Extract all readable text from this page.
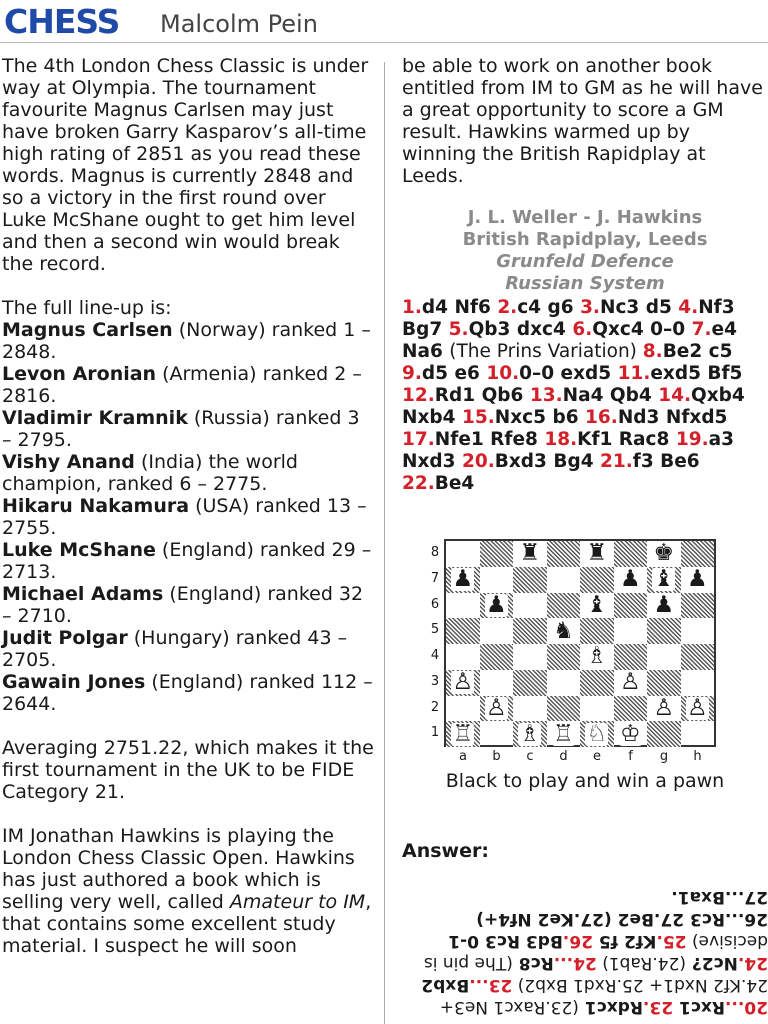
CHESS Malcolm Pein

The 4th London Chess Classic is under way at Olympia. The tournament favourite Magnus Carlsen may just have broken Garry Kasparov’s all-time high rating of 2851 as you read these words. Magnus is currently 2848 and so a victory in the first round over Luke McShane ought to get him level and then a second win would break the record.

The full line-up is:
Magnus Carlsen (Norway) ranked 1 – 2848.
Levon Aronian (Armenia) ranked 2 – 2816.
Vladimir Kramnik (Russia) ranked 3 – 2795.
Vishy Anand (India) the world champion, ranked 6 – 2775.
Hikaru Nakamura (USA) ranked 13 – 2755.
Luke McShane (England) ranked 29 – 2713.
Michael Adams (England) ranked 32 – 2710.
Judit Polgar (Hungary) ranked 43 – 2705.
Gawain Jones (England) ranked 112 – 2644.

Averaging 2751.22, which makes it the first tournament in the UK to be FIDE Category 21.

IM Jonathan Hawkins is playing the London Chess Classic Open. Hawkins has just authored a book which is selling very well, called Amateur to IM, that contains some excellent study material. I suspect he will soon

be able to work on another book entitled from IM to GM as he will have a great opportunity to score a GM result. Hawkins warmed up by winning the British Rapidplay at Leeds.

J. L. Weller - J. Hawkins
British Rapidplay, Leeds
Grunfeld Defence
Russian System
1.d4 Nf6 2.c4 g6 3.Nc3 d5 4.Nf3 Bg7 5.Qb3 dxc4 6.Qxc4 0–0 7.e4 Na6 (The Prins Variation) 8.Be2 c5 9.d5 e6 10.0–0 exd5 11.exd5 Bf5 12.Rd1 Qb6 13.Na4 Qb4 14.Qxb4 Nxb4 15.Nxc5 b6 16.Nd3 Nfxd5 17.Nfe1 Rfe8 18.Kf1 Rac8 19.a3 Nxd3 20.Bxd3 Bg4 21.f3 Be6 22.Be4
8
7
6
5
4
3
2
1
♜ ♜ ♚
♟	♟ ♝ ♟
♟	♝ ♟
♞
♗
♙	♙
♙	♙ ♙
♖ ♗ ♖ ♘ ♔
a	b	c	d	e	f	g	h
Black to play and win a pawn
Answer:
20...Rxc1 23.Rdxc1 (23.Raxc1 Ne3+ 24.Kf2 Nxd1+ 25.Rxd1 Bxb2) 23...Bxb2 24.Nc2? (24.Rab1) 24...Rc8 (The pin is decisive) 25.Kf2 f5 26.Bd3 Rc3 0-1 26...Rc3 27.Be2 (27.Ke2 Nf4+) 27...Bxa1.
